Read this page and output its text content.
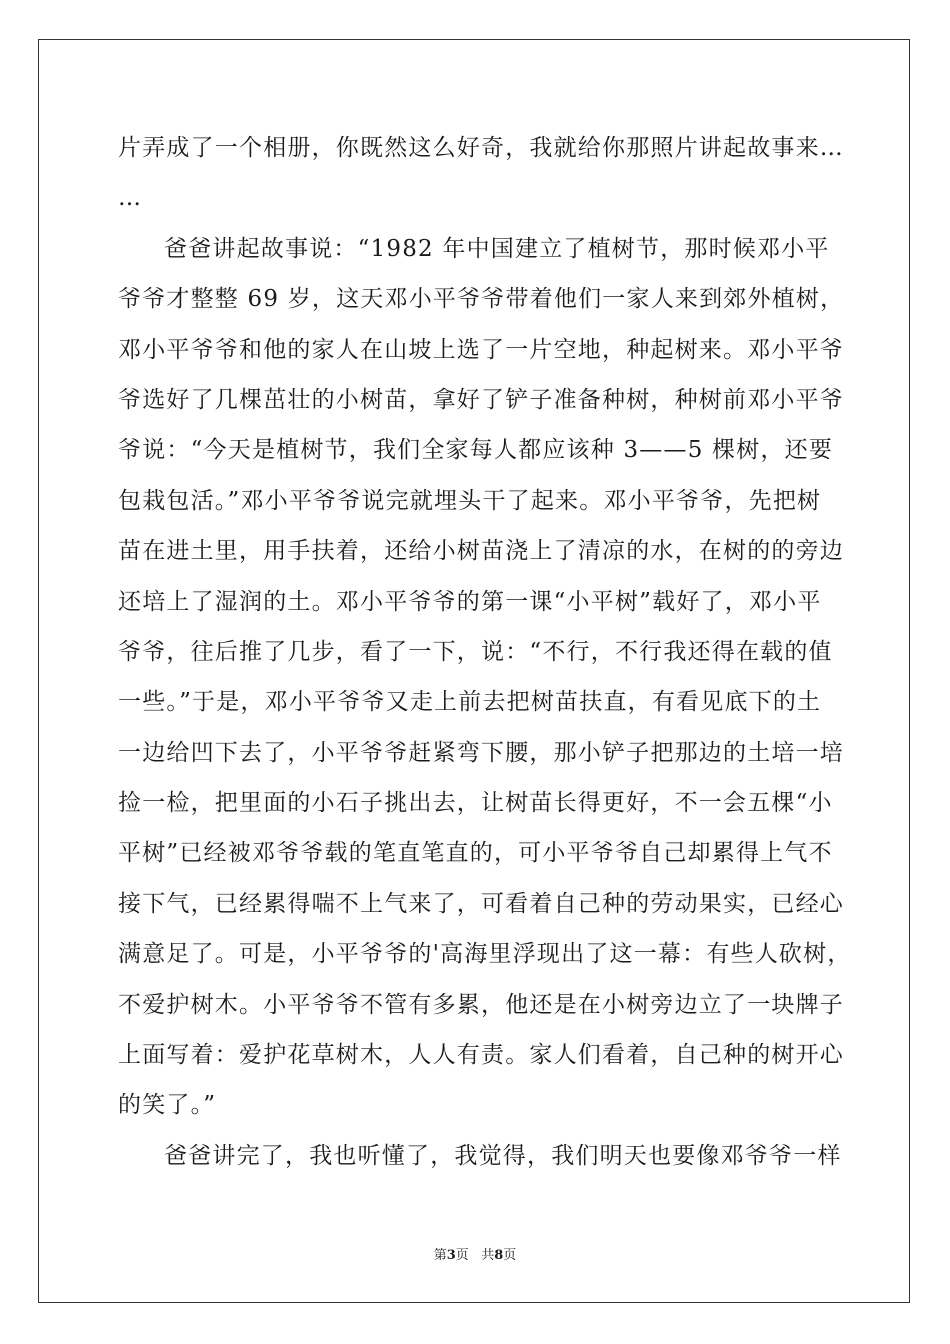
片弄成了一个相册，你既然这么好奇，我就给你那照片讲起故事来…
…
爸爸讲起故事说：“1982 年中国建立了植树节，那时候邓小平
爷爷才整整 69 岁，这天邓小平爷爷带着他们一家人来到郊外植树，
邓小平爷爷和他的家人在山坡上选了一片空地，种起树来。邓小平爷
爷选好了几棵茁壮的小树苗，拿好了铲子准备种树，种树前邓小平爷
爷说：“今天是植树节，我们全家每人都应该种 3——5 棵树，还要
包栽包活。”邓小平爷爷说完就埋头干了起来。邓小平爷爷，先把树
苗在进土里，用手扶着，还给小树苗浇上了清凉的水，在树的的旁边
还培上了湿润的土。邓小平爷爷的第一课“小平树”载好了，邓小平
爷爷，往后推了几步，看了一下，说：“不行，不行我还得在载的值
一些。”于是，邓小平爷爷又走上前去把树苗扶直，有看见底下的土
一边给凹下去了，小平爷爷赶紧弯下腰，那小铲子把那边的土培一培
捡一检，把里面的小石子挑出去，让树苗长得更好，不一会五棵“小
平树”已经被邓爷爷载的笔直笔直的，可小平爷爷自己却累得上气不
接下气，已经累得喘不上气来了，可看着自己种的劳动果实，已经心
满意足了。可是，小平爷爷的'高海里浮现出了这一幕：有些人砍树，
不爱护树木。小平爷爷不管有多累，他还是在小树旁边立了一块牌子
上面写着：爱护花草树木，人人有责。家人们看着，自己种的树开心
的笑了。”
爸爸讲完了，我也听懂了，我觉得，我们明天也要像邓爷爷一样
第3页 共8页
